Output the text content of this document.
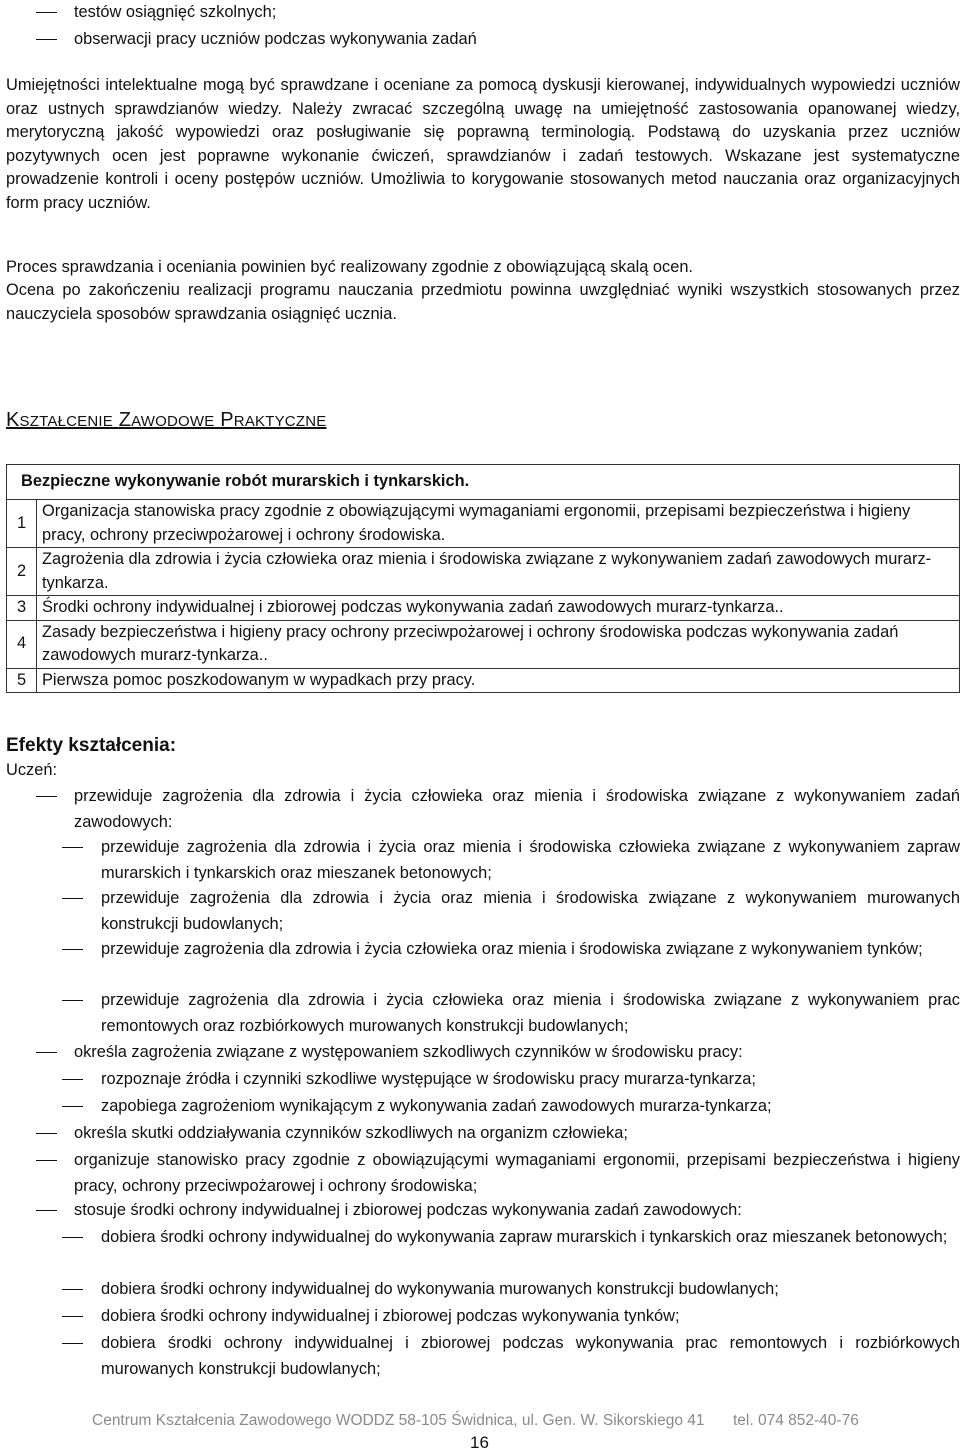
testów osiągnięć szkolnych;
obserwacji pracy uczniów podczas wykonywania zadań

Umiejętności intelektualne mogą być sprawdzane i oceniane za pomocą dyskusji kierowanej, indywidualnych wypowiedzi uczniów oraz ustnych sprawdzianów wiedzy. Należy zwracać szczególną uwagę na umiejętność zastosowania opanowanej wiedzy, merytoryczną jakość wypowiedzi oraz posługiwanie się poprawną terminologią. Podstawą do uzyskania przez uczniów pozytywnych ocen jest poprawne wykonanie ćwiczeń, sprawdzianów i zadań testowych. Wskazane jest systematyczne prowadzenie kontroli i oceny postępów uczniów. Umożliwia to korygowanie stosowanych metod nauczania oraz organizacyjnych form pracy uczniów.

Proces sprawdzania i oceniania powinien być realizowany zgodnie z obowiązującą skalą ocen.

Ocena po zakończeniu realizacji programu nauczania przedmiotu powinna uwzględniać wyniki wszystkich stosowanych przez nauczyciela sposobów sprawdzania osiągnięć ucznia.

KSZTAŁCENIE ZAWODOWE PRAKTYCZNE
Bezpieczne wykonywanie robót murarskich i tynkarskich.	
1	Organizacja stanowiska pracy zgodnie z obowiązującymi wymaganiami ergonomii, przepisami bezpieczeństwa i higieny pracy, ochrony przeciwpożarowej i ochrony środowiska.
2	Zagrożenia dla zdrowia i życia człowieka oraz mienia i środowiska związane z wykonywaniem zadań zawodowych murarz-tynkarza.
3	Środki ochrony indywidualnej i zbiorowej podczas wykonywania zadań zawodowych murarz-tynkarza..
4	Zasady bezpieczeństwa i higieny pracy ochrony przeciwpożarowej i ochrony środowiska podczas wykonywania zadań zawodowych murarz-tynkarza..
5	Pierwsza pomoc poszkodowanym w wypadkach przy pracy.
Efekty kształcenia:
Uczeń:
przewiduje zagrożenia dla zdrowia i życia człowieka oraz mienia i środowiska związane z wykonywaniem zadań zawodowych:
przewiduje zagrożenia dla zdrowia i życia oraz mienia i środowiska człowieka związane z wykonywaniem zapraw murarskich i tynkarskich oraz mieszanek betonowych;
przewiduje zagrożenia dla zdrowia i życia oraz mienia i środowiska związane z wykonywaniem murowanych konstrukcji budowlanych;
przewiduje zagrożenia dla zdrowia i życia człowieka oraz mienia i środowiska związane z wykonywaniem tynków;
przewiduje zagrożenia dla zdrowia i życia człowieka oraz mienia i środowiska związane z wykonywaniem prac remontowych oraz rozbiórkowych murowanych konstrukcji budowlanych;
określa zagrożenia związane z występowaniem szkodliwych czynników w środowisku pracy:
rozpoznaje źródła i czynniki szkodliwe występujące w środowisku pracy murarza-tynkarza;
zapobiega zagrożeniom wynikającym z wykonywania zadań zawodowych murarza-tynkarza;
określa skutki oddziaływania czynników szkodliwych na organizm człowieka;
organizuje stanowisko pracy zgodnie z obowiązującymi wymaganiami ergonomii, przepisami bezpieczeństwa i higieny pracy, ochrony przeciwpożarowej i ochrony środowiska;
stosuje środki ochrony indywidualnej i zbiorowej podczas wykonywania zadań zawodowych:
dobiera środki ochrony indywidualnej do wykonywania zapraw murarskich i tynkarskich oraz mieszanek betonowych;
dobiera środki ochrony indywidualnej do wykonywania murowanych konstrukcji budowlanych;
dobiera środki ochrony indywidualnej i zbiorowej podczas wykonywania tynków;
dobiera środki ochrony indywidualnej i zbiorowej podczas wykonywania prac remontowych i rozbiórkowych murowanych konstrukcji budowlanych;
Centrum Kształcenia Zawodowego WODDZ 58-105 Świdnica, ul. Gen. W. Sikorskiego 41 tel. 074 852-40-76
16
